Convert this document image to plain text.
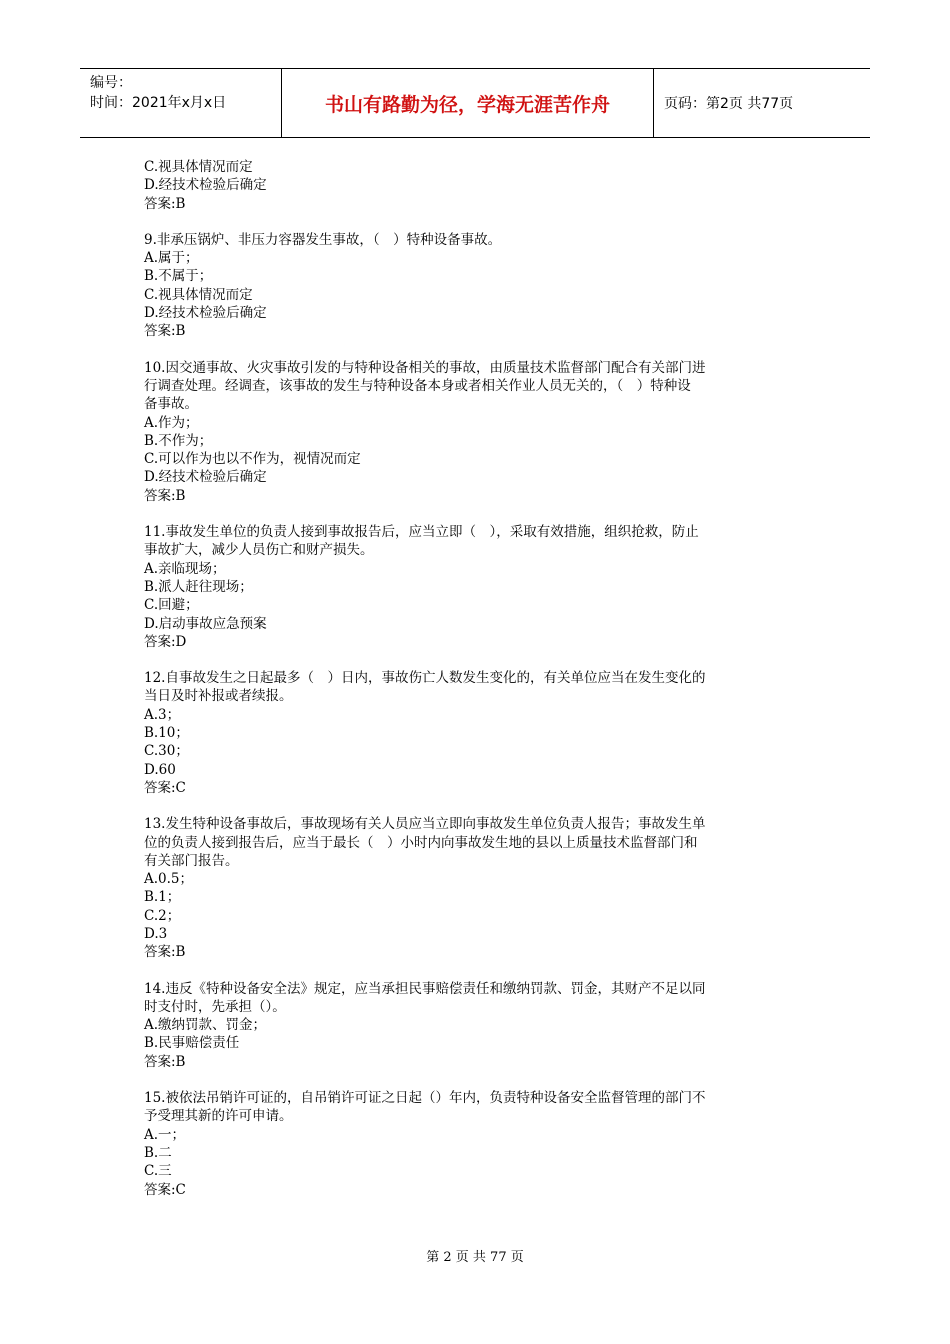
编号：
时间：2021年x月x日	书山有路勤为径，学海无涯苦作舟	页码：第2页 共77页
C.视具体情况而定
D.经技术检验后确定
答案:B
9.非承压锅炉、非压力容器发生事故，（　）特种设备事故。
A.属于；
B.不属于；
C.视具体情况而定
D.经技术检验后确定
答案:B
10.因交通事故、火灾事故引发的与特种设备相关的事故，由质量技术监督部门配合有关部门进
行调查处理。经调查，该事故的发生与特种设备本身或者相关作业人员无关的，（　）特种设
备事故。
A.作为；
B.不作为；
C.可以作为也以不作为，视情况而定
D.经技术检验后确定
答案:B
11.事故发生单位的负责人接到事故报告后，应当立即（　），采取有效措施，组织抢救，防止
事故扩大，减少人员伤亡和财产损失。
A.亲临现场；
B.派人赶往现场；
C.回避；
D.启动事故应急预案
答案:D
12.自事故发生之日起最多（　）日内，事故伤亡人数发生变化的，有关单位应当在发生变化的
当日及时补报或者续报。
A.3；
B.10；
C.30；
D.60
答案:C
13.发生特种设备事故后，事故现场有关人员应当立即向事故发生单位负责人报告；事故发生单
位的负责人接到报告后，应当于最长（　）小时内向事故发生地的县以上质量技术监督部门和
有关部门报告。
A.0.5；
B.1；
C.2；
D.3
答案:B
14.违反《特种设备安全法》规定，应当承担民事赔偿责任和缴纳罚款、罚金，其财产不足以同
时支付时，先承担（）。
A.缴纳罚款、罚金；
B.民事赔偿责任
答案:B
15.被依法吊销许可证的，自吊销许可证之日起（）年内，负责特种设备安全监督管理的部门不
予受理其新的许可申请。
A.一；
B.二
C.三
答案:C
第 2 页 共 77 页
